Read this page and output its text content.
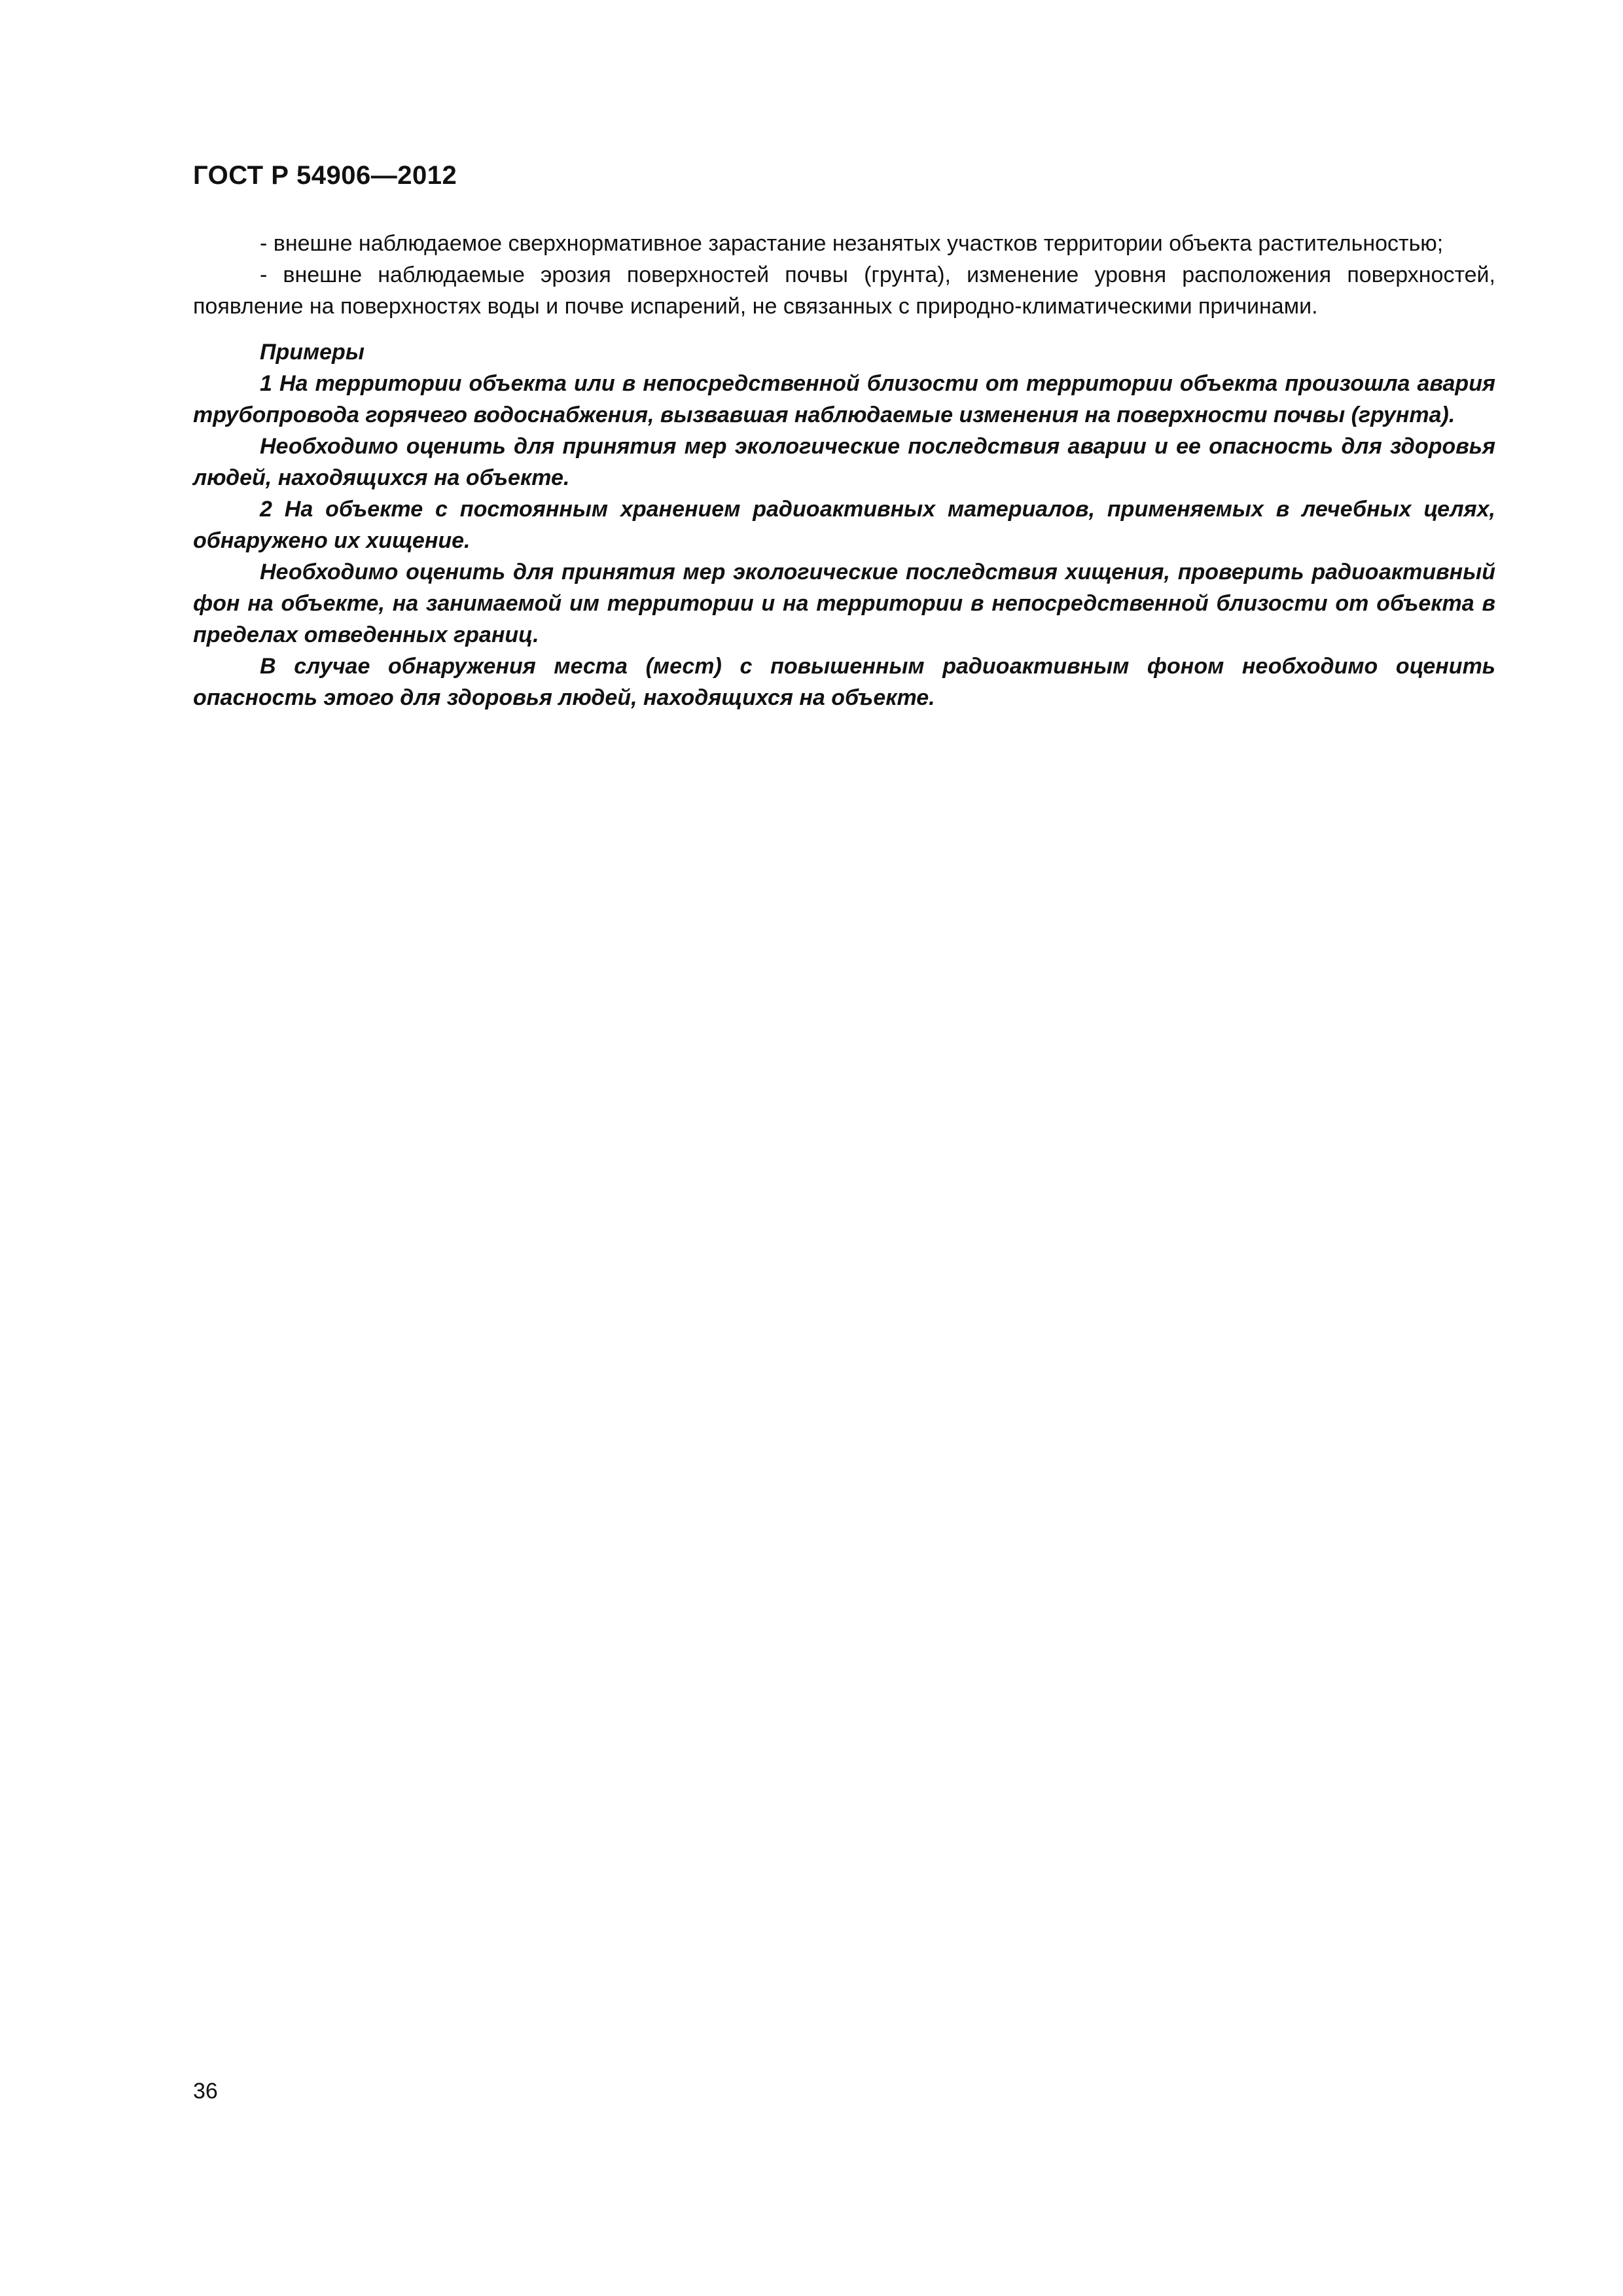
ГОСТ Р 54906—2012

- внешне наблюдаемое сверхнормативное зарастание незанятых участков территории объекта растительностью;

- внешне наблюдаемые эрозия поверхностей почвы (грунта), изменение уровня расположения поверхностей, появление на поверхностях воды и почве испарений, не связанных с природно-климатическими причинами.

Примеры

1 На территории объекта или в непосредственной близости от территории объекта произошла авария трубопровода горячего водоснабжения, вызвавшая наблюдаемые изменения на поверхности почвы (грунта).

Необходимо оценить для принятия мер экологические последствия аварии и ее опасность для здоровья людей, находящихся на объекте.

2 На объекте с постоянным хранением радиоактивных материалов, применяемых в лечебных целях, обнаружено их хищение.

Необходимо оценить для принятия мер экологические последствия хищения, проверить радиоактивный фон на объекте, на занимаемой им территории и на территории в непосредственной близости от объекта в пределах отведенных границ.

В случае обнаружения места (мест) с повышенным радиоактивным фоном необходимо оценить опасность этого для здоровья людей, находящихся на объекте.

36
